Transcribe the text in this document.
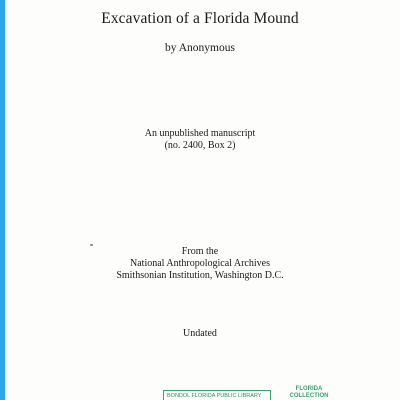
Excavation of a Florida Mound
by Anonymous
An unpublished manuscript
(no. 2400, Box 2)
From the
National Anthropological Archives
Smithsonian Institution, Washington D.C.
Undated
BONDOL FLORIDA PUBLIC LIBRARY
FLORIDA
COLLECTION
